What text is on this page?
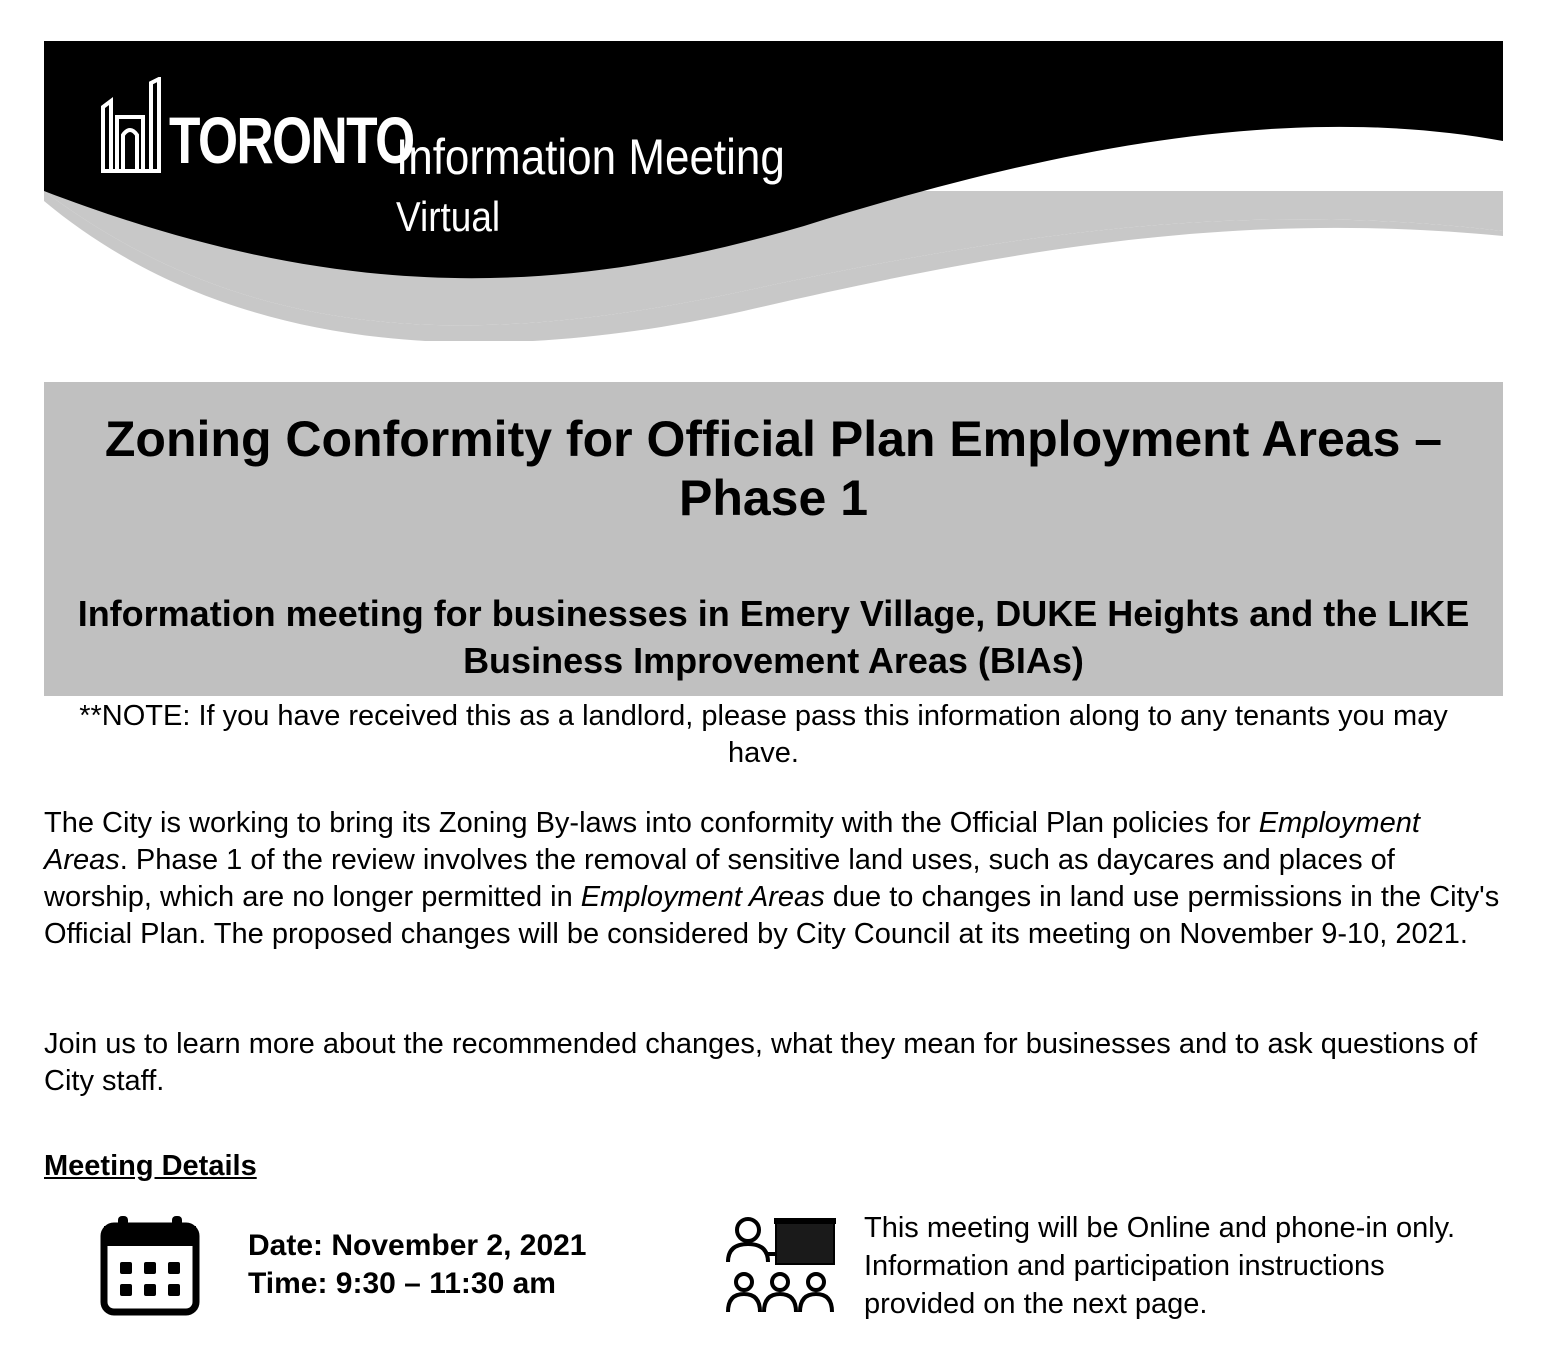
TORONTO
Information Meeting
Virtual
Zoning Conformity for Official Plan Employment Areas – Phase 1
Information meeting for businesses in Emery Village, DUKE Heights and the LIKE Business Improvement Areas (BIAs)
**NOTE: If you have received this as a landlord, please pass this information along to any tenants you may have.
The City is working to bring its Zoning By-laws into conformity with the Official Plan policies for Employment Areas. Phase 1 of the review involves the removal of sensitive land uses, such as daycares and places of worship, which are no longer permitted in Employment Areas due to changes in land use permissions in the City's Official Plan. The proposed changes will be considered by City Council at its meeting on November 9-10, 2021.
Join us to learn more about the recommended changes, what they mean for businesses and to ask questions of City staff.
Meeting Details
Date: November 2, 2021
Time: 9:30 – 11:30 am
This meeting will be Online and phone-in only. Information and participation instructions provided on the next page.
